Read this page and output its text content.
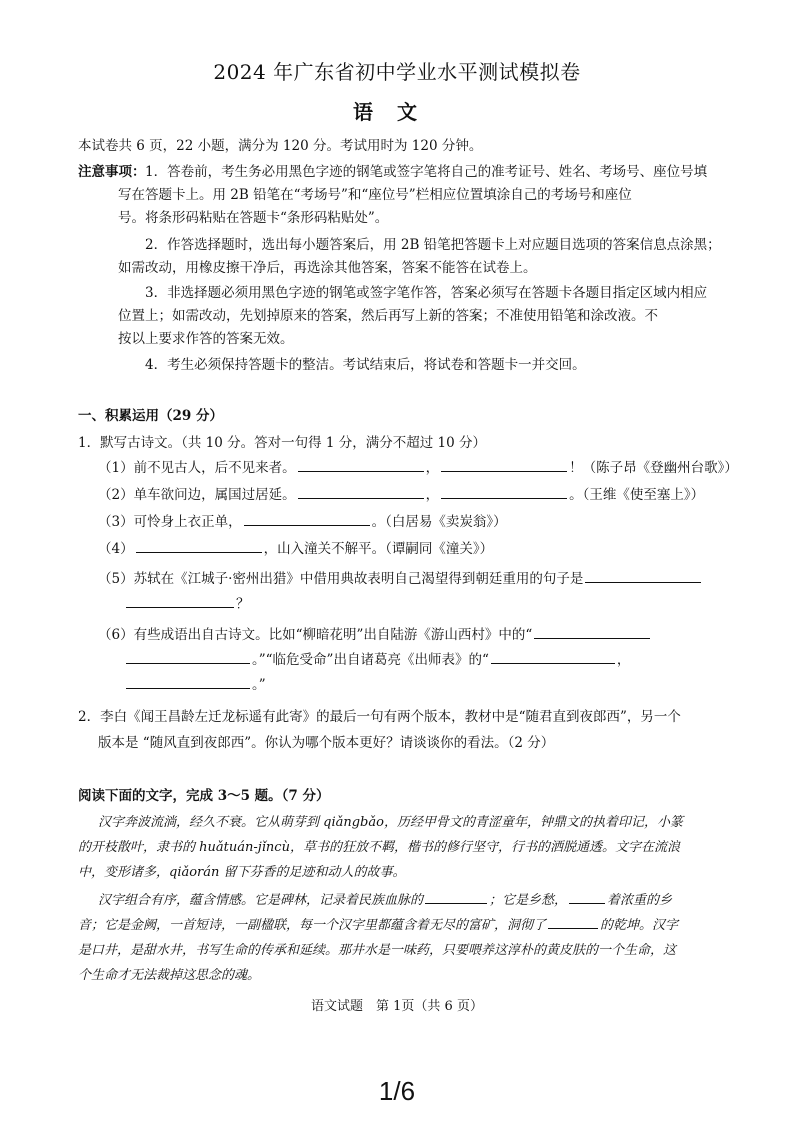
2024 年广东省初中学业水平测试模拟卷
语文
本试卷共 6 页，22 小题，满分为 120 分。考试用时为 120 分钟。
注意事项： 1．答卷前，考生务必用黑色字迹的钢笔或签字笔将自己的准考证号、姓名、考场号、座位号填
写在答题卡上。用 2B 铅笔在“考场号”和“座位号”栏相应位置填涂自己的考场号和座位
号。将条形码粘贴在答题卡“条形码粘贴处”。
2．作答选择题时，选出每小题答案后，用 2B 铅笔把答题卡上对应题目选项的答案信息点涂黑；
如需改动，用橡皮擦干净后，再选涂其他答案，答案不能答在试卷上。
3．非选择题必须用黑色字迹的钢笔或签字笔作答，答案必须写在答题卡各题目指定区域内相应
位置上；如需改动，先划掉原来的答案，然后再写上新的答案；不准使用铅笔和涂改液。不
按以上要求作答的答案无效。
4．考生必须保持答题卡的整洁。考试结束后，将试卷和答题卡一并交回。
一、积累运用（29 分）
1．默写古诗文。（共 10 分。答对一句得 1 分，满分不超过 10 分）
（1）前不见古人，后不见来者。	，	！（陈子昂《登幽州台歌》）
（2）单车欲问边，属国过居延。	，	。（王维《使至塞上》）
（3）可怜身上衣正单，	。（白居易《卖炭翁》）
（4）	，山入潼关不解平。（谭嗣同《潼关》）
（5）苏轼在《江城子·密州出猎》中借用典故表明自己渴望得到朝廷重用的句子是
？
（6）有些成语出自古诗文。比如“柳暗花明”出自陆游《游山西村》中的“
。”“临危受命”出自诸葛亮《出师表》的“	，
。”
2．李白《闻王昌龄左迁龙标遥有此寄》的最后一句有两个版本，教材中是“随君直到夜郎西”，另一个
版本是 “随风直到夜郎西”。你认为哪个版本更好？请谈谈你的看法。（2 分）
阅读下面的文字，完成 3～5 题。（7 分）
汉字奔波流淌，经久不衰。它从萌芽到 qiǎngbǎo，历经甲骨文的青涩童年，钟鼎文的执着印记，小篆
的开枝散叶，隶书的 huǎtuán-jǐncù，草书的狂放不羁，楷书的修行坚守，行书的洒脱通透。文字在流浪
中，变形诸多，qiǎorán 留下芬香的足迹和动人的故事。
汉字组合有序，蕴含情感。它是碑林，记录着民族血脉的	；它是乡愁，	着浓重的乡
音；它是金阙，一首短诗，一副楹联，每一个汉字里都蕴含着无尽的富矿，洞彻了	的乾坤。汉字
是口井，是甜水井，书写生命的传承和延续。那井水是一味药，只要喂养这淳朴的黄皮肤的一个生命，这
个生命才无法裁掉这思念的魂。
语文试题　第 1页（共 6 页）
1/6
